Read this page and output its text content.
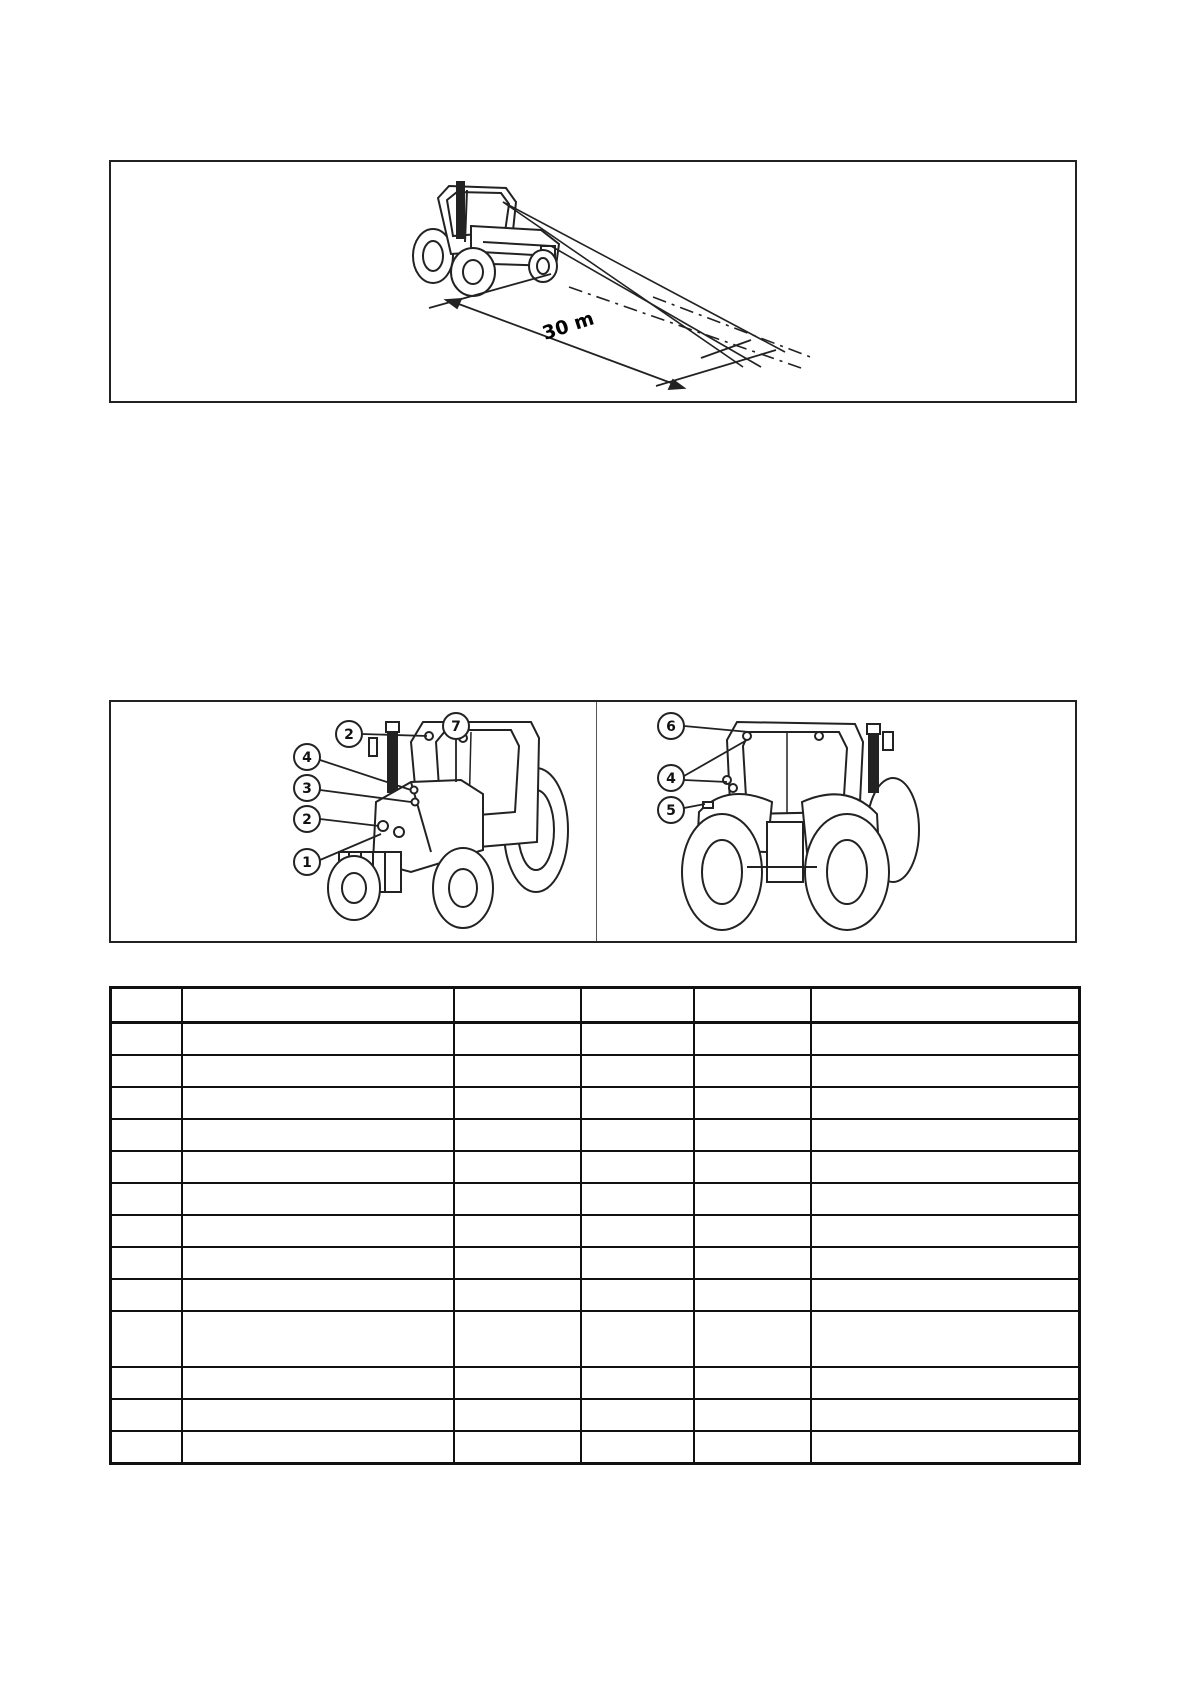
30 m
2	7
4
3
2
1
6
4
5
